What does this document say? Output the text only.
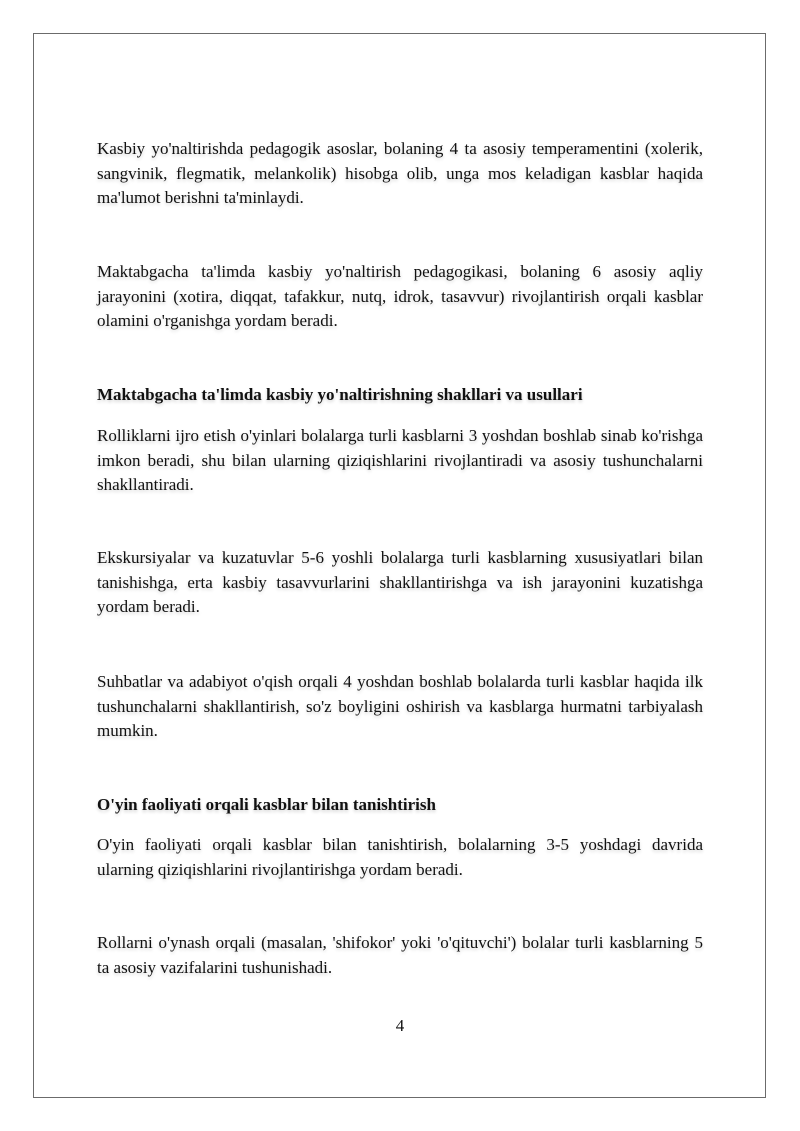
Kasbiy yo'naltirishda pedagogik asoslar, bolaning 4 ta asosiy temperamentini (xolerik, sangvinik, flegmatik, melankolik) hisobga olib, unga mos keladigan kasblar haqida ma'lumot berishni ta'minlaydi.

Maktabgacha ta'limda kasbiy yo'naltirish pedagogikasi, bolaning 6 asosiy aqliy jarayonini (xotira, diqqat, tafakkur, nutq, idrok, tasavvur) rivojlantirish orqali kasblar olamini o'rganishga yordam beradi.

Maktabgacha ta'limda kasbiy yo'naltirishning shakllari va usullari

Rolliklarni ijro etish o'yinlari bolalarga turli kasblarni 3 yoshdan boshlab sinab ko'rishga imkon beradi, shu bilan ularning qiziqishlarini rivojlantiradi va asosiy tushunchalarni shakllantiradi.

Ekskursiyalar va kuzatuvlar 5-6 yoshli bolalarga turli kasblarning xususiyatlari bilan tanishishga, erta kasbiy tasavvurlarini shakllantirishga va ish jarayonini kuzatishga yordam beradi.

Suhbatlar va adabiyot o'qish orqali 4 yoshdan boshlab bolalarda turli kasblar haqida ilk tushunchalarni shakllantirish, so'z boyligini oshirish va kasblarga hurmatni tarbiyalash mumkin.

O'yin faoliyati orqali kasblar bilan tanishtirish

O'yin faoliyati orqali kasblar bilan tanishtirish, bolalarning 3-5 yoshdagi davrida ularning qiziqishlarini rivojlantirishga yordam beradi.

Rollarni o'ynash orqali (masalan, 'shifokor' yoki 'o'qituvchi') bolalar turli kasblarning 5 ta asosiy vazifalarini tushunishadi.

4
